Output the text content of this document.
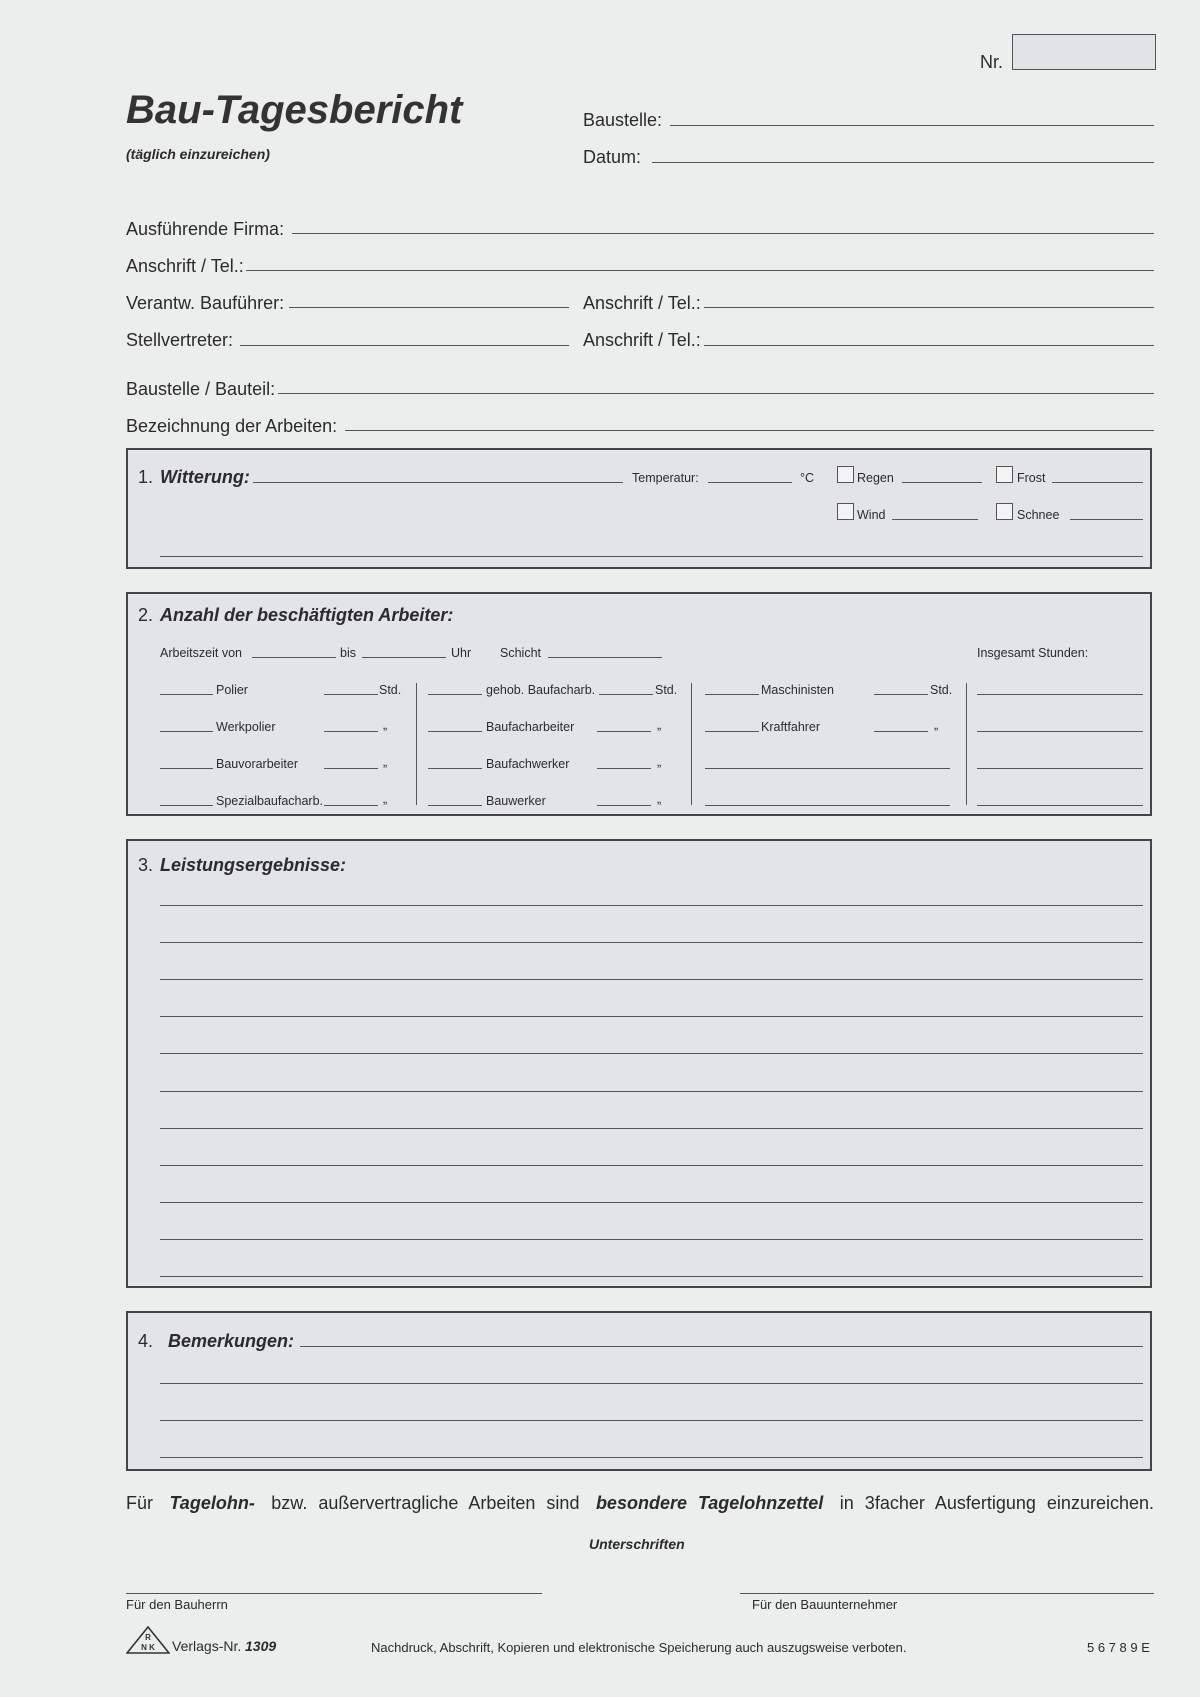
Nr.
Bau-Tagesbericht
(täglich einzureichen)
Baustelle:
Datum:
Ausführende Firma:
Anschrift / Tel.:
Verantw. Bauführer:	Anschrift / Tel.:
Stellvertreter:	Anschrift / Tel.:
Baustelle / Bauteil:
Bezeichnung der Arbeiten:
1. Witterung:	Temperatur:	°C	Regen	Frost
Wind	Schnee
2. Anzahl der beschäftigten Arbeiter:
Arbeitszeit von	bis	Uhr Schicht	Insgesamt Stunden:
Polier	Std.
Werkpolier	„
Bauvorarbeiter	„
Spezialbaufacharb.	„
gehob. Baufacharb.	Std.
Baufacharbeiter	„
Baufachwerker	„
Bauwerker	„
Maschinisten	Std.
Kraftfahrer	„
3. Leistungsergebnisse:
4. Bemerkungen:
Für Tagelohn- bzw. außervertragliche Arbeiten sind besondere Tagelohnzettel in 3facher Ausfertigung einzureichen.
Unterschriften
Für den Bauherrn	Für den Bauunternehmer
R
N K Verlags-Nr. 1309	Nachdruck, Abschrift, Kopieren und elektronische Speicherung auch auszugsweise verboten.	5 6 7 8 9 E
